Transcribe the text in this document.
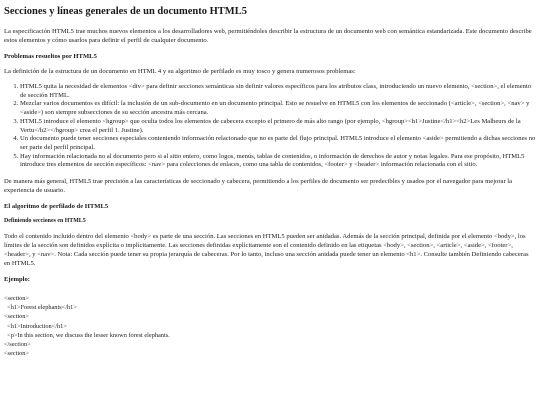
Secciones y líneas generales de un documento HTML5

La especificación HTML5 trae muchos nuevos elementos a los desarrolladores web, permitiéndoles describir la estructura de un documento web con semántica estandarizada. Este documento describe estos elementos y cómo usarlos para definir el perfil de cualquier documento.

Problemas resueltos por HTML5

La definición de la estructura de un documento en HTML 4 y su algoritmo de perfilado es muy tosco y genera numerosos problemas:

1. HTML5 quita la necesidad de elementos <div> para definir secciones semánticas sin definir valores específicos para los atributos class, introduciendo un nuevo elemento, <section>, el elemento de sección HTML.
2. Mezclar varios documentos es difícil: la inclusión de un sub-documento en un documento principal. Esto se resuelve en HTML5 con los elementos de seccionado (<article>, <section>, <nav> y <aside>) son siempre subsecciones de su sección ancestra más cercana.
3. HTML5 introduce el elemento <hgroup> que oculta todos los elementos de cabecera excepto el primero de más alto rango (por ejemplo, <hgroup><h1>Justine</h1><h2>Les Malheurs de la Vertu</h2></hgroup> crea el perfil 1. Justine).
4. Un documento puede tener secciones especiales conteniendo información relacionado que no es parte del flujo principal. HTML5 introduce el elemento <aside> permitiendo a dichas secciones no ser parte del perfil principal.
5. Hay información relacionada no al documento pero si al sitio entero, como logos, menús, tablas de contenidos, o información de derechos de autor y notas legales. Para ese propósito, HTML5 introduce tres elementos de sección específicos: <nav> para colecciones de enlaces, como una tabla de contenidos, <footer> y <header> información relacionada con el sitio.

De manera más general, HTML5 trae precisión a las características de seccionado y cabecera, permitiendo a los perfiles de documento ser predecibles y usados por el navegador para mejorar la experiencia de usuario.

El algoritmo de perfilado de HTML5
Definiendo secciones en HTML5

Todo el contenido incluido dentro del elemento <body> es parte de una sección. Las secciones en HTML5 pueden ser anidadas. Además de la sección principal, definida por el elemento <body>, los límites de la sección son definidos explícita o implícitamente. Las secciones definidas explícitamente son el contenido definido en las etiquetas <body>, <section>, <article>, <aside>, <footer>, <header>, y <nav>. Nota: Cada sección puede tener su propia jerarquía de cabeceras. Por lo tanto, incluso una sección anidada puede tener un elemento <h1>. Consulte también Definiendo cabeceras en HTML5.

Ejemplo:
<section>
<h1>Forest elephants</h1>
<section>
<h1>Introduction</h1>
<p>In this section, we discuss the lesser known forest elephants.
</section>
<section>
